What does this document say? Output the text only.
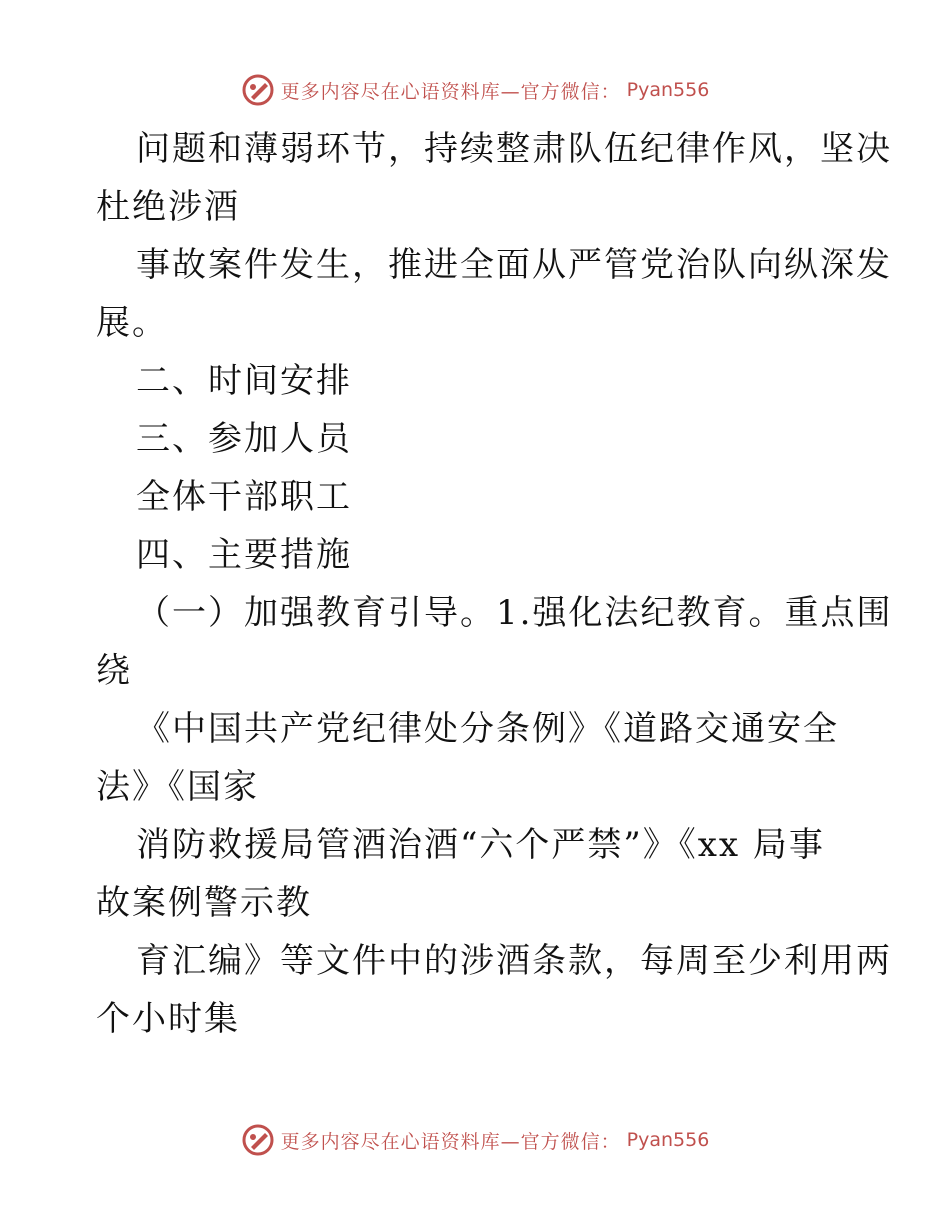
更多内容尽在心语资料库—官方微信： Pyan556
问题和薄弱环节，持续整肃队伍纪律作风，坚决
杜绝涉酒
事故案件发生，推进全面从严管党治队向纵深发
展。
二、时间安排
三、参加人员
全体干部职工
四、主要措施
（一）加强教育引导。1.强化法纪教育。重点围
绕
《中国共产党纪律处分条例》《道路交通安全
法》《国家
消防救援局管酒治酒“六个严禁”》《xx 局事
故案例警示教
育汇编》等文件中的涉酒条款，每周至少利用两
个小时集
更多内容尽在心语资料库—官方微信： Pyan556
